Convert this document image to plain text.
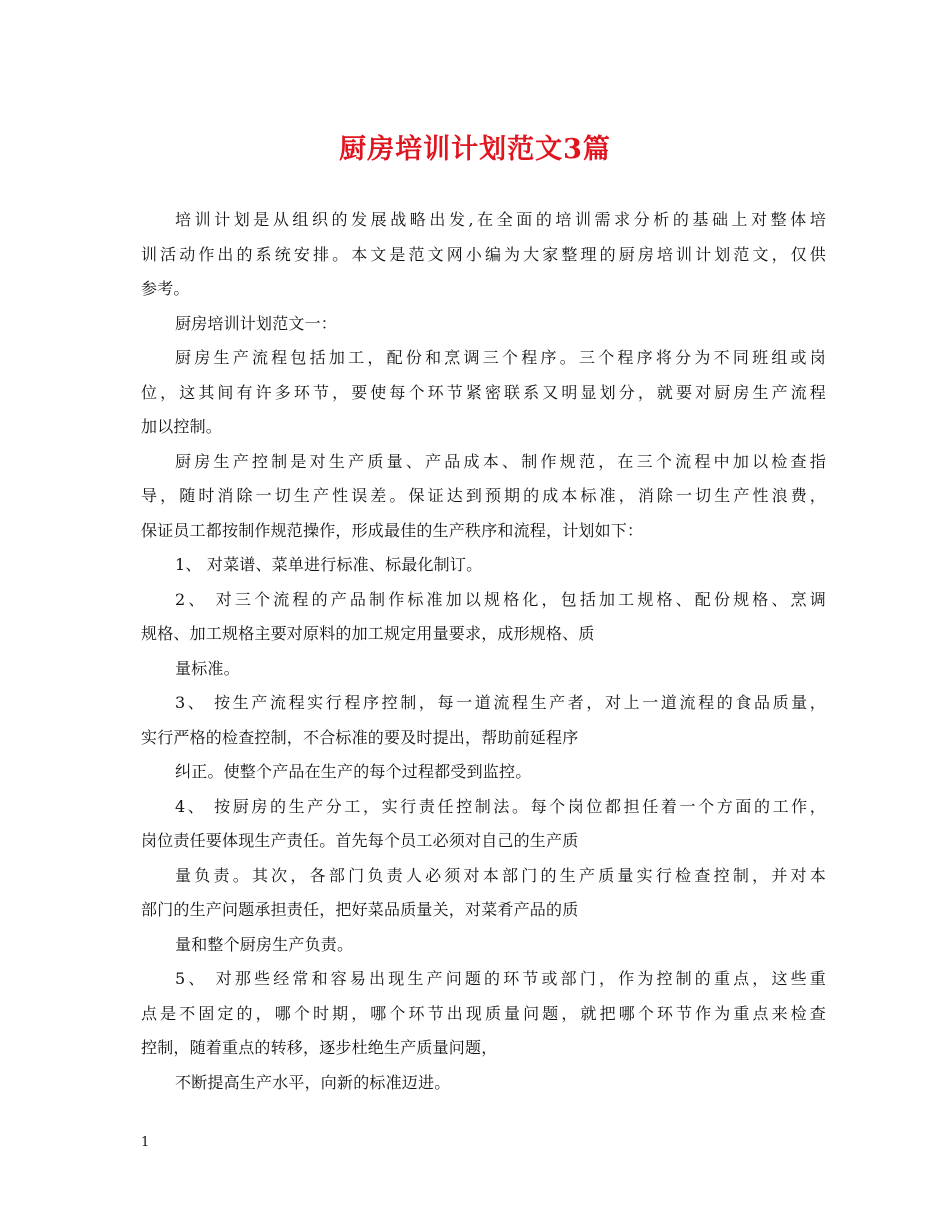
厨房培训计划范文3篇
培训计划是从组织的发展战略出发,在全面的培训需求分析的基础上对整体培
训活动作出的系统安排。本文是范文网小编为大家整理的厨房培训计划范文，仅供
参考。
厨房培训计划范文一：
厨房生产流程包括加工，配份和烹调三个程序。三个程序将分为不同班组或岗
位，这其间有许多环节，要使每个环节紧密联系又明显划分，就要对厨房生产流程
加以控制。
厨房生产控制是对生产质量、产品成本、制作规范，在三个流程中加以检查指
导，随时消除一切生产性误差。保证达到预期的成本标准，消除一切生产性浪费，
保证员工都按制作规范操作，形成最佳的生产秩序和流程，计划如下：
1、 对菜谱、菜单进行标准、标最化制订。
2、 对三个流程的产品制作标准加以规格化，包括加工规格、配份规格、烹调
规格、加工规格主要对原料的加工规定用量要求，成形规格、质
量标准。
3、 按生产流程实行程序控制，每一道流程生产者，对上一道流程的食品质量，
实行严格的检查控制，不合标准的要及时提出，帮助前延程序
纠正。使整个产品在生产的每个过程都受到监控。
4、 按厨房的生产分工，实行责任控制法。每个岗位都担任着一个方面的工作，
岗位责任要体现生产责任。首先每个员工必须对自己的生产质
量负责。其次，各部门负责人必须对本部门的生产质量实行检查控制，并对本
部门的生产问题承担责任，把好菜品质量关，对菜肴产品的质
量和整个厨房生产负责。
5、 对那些经常和容易出现生产问题的环节或部门，作为控制的重点，这些重
点是不固定的，哪个时期，哪个环节出现质量问题，就把哪个环节作为重点来检查
控制，随着重点的转移，逐步杜绝生产质量问题，
不断提高生产水平，向新的标准迈进。
1
